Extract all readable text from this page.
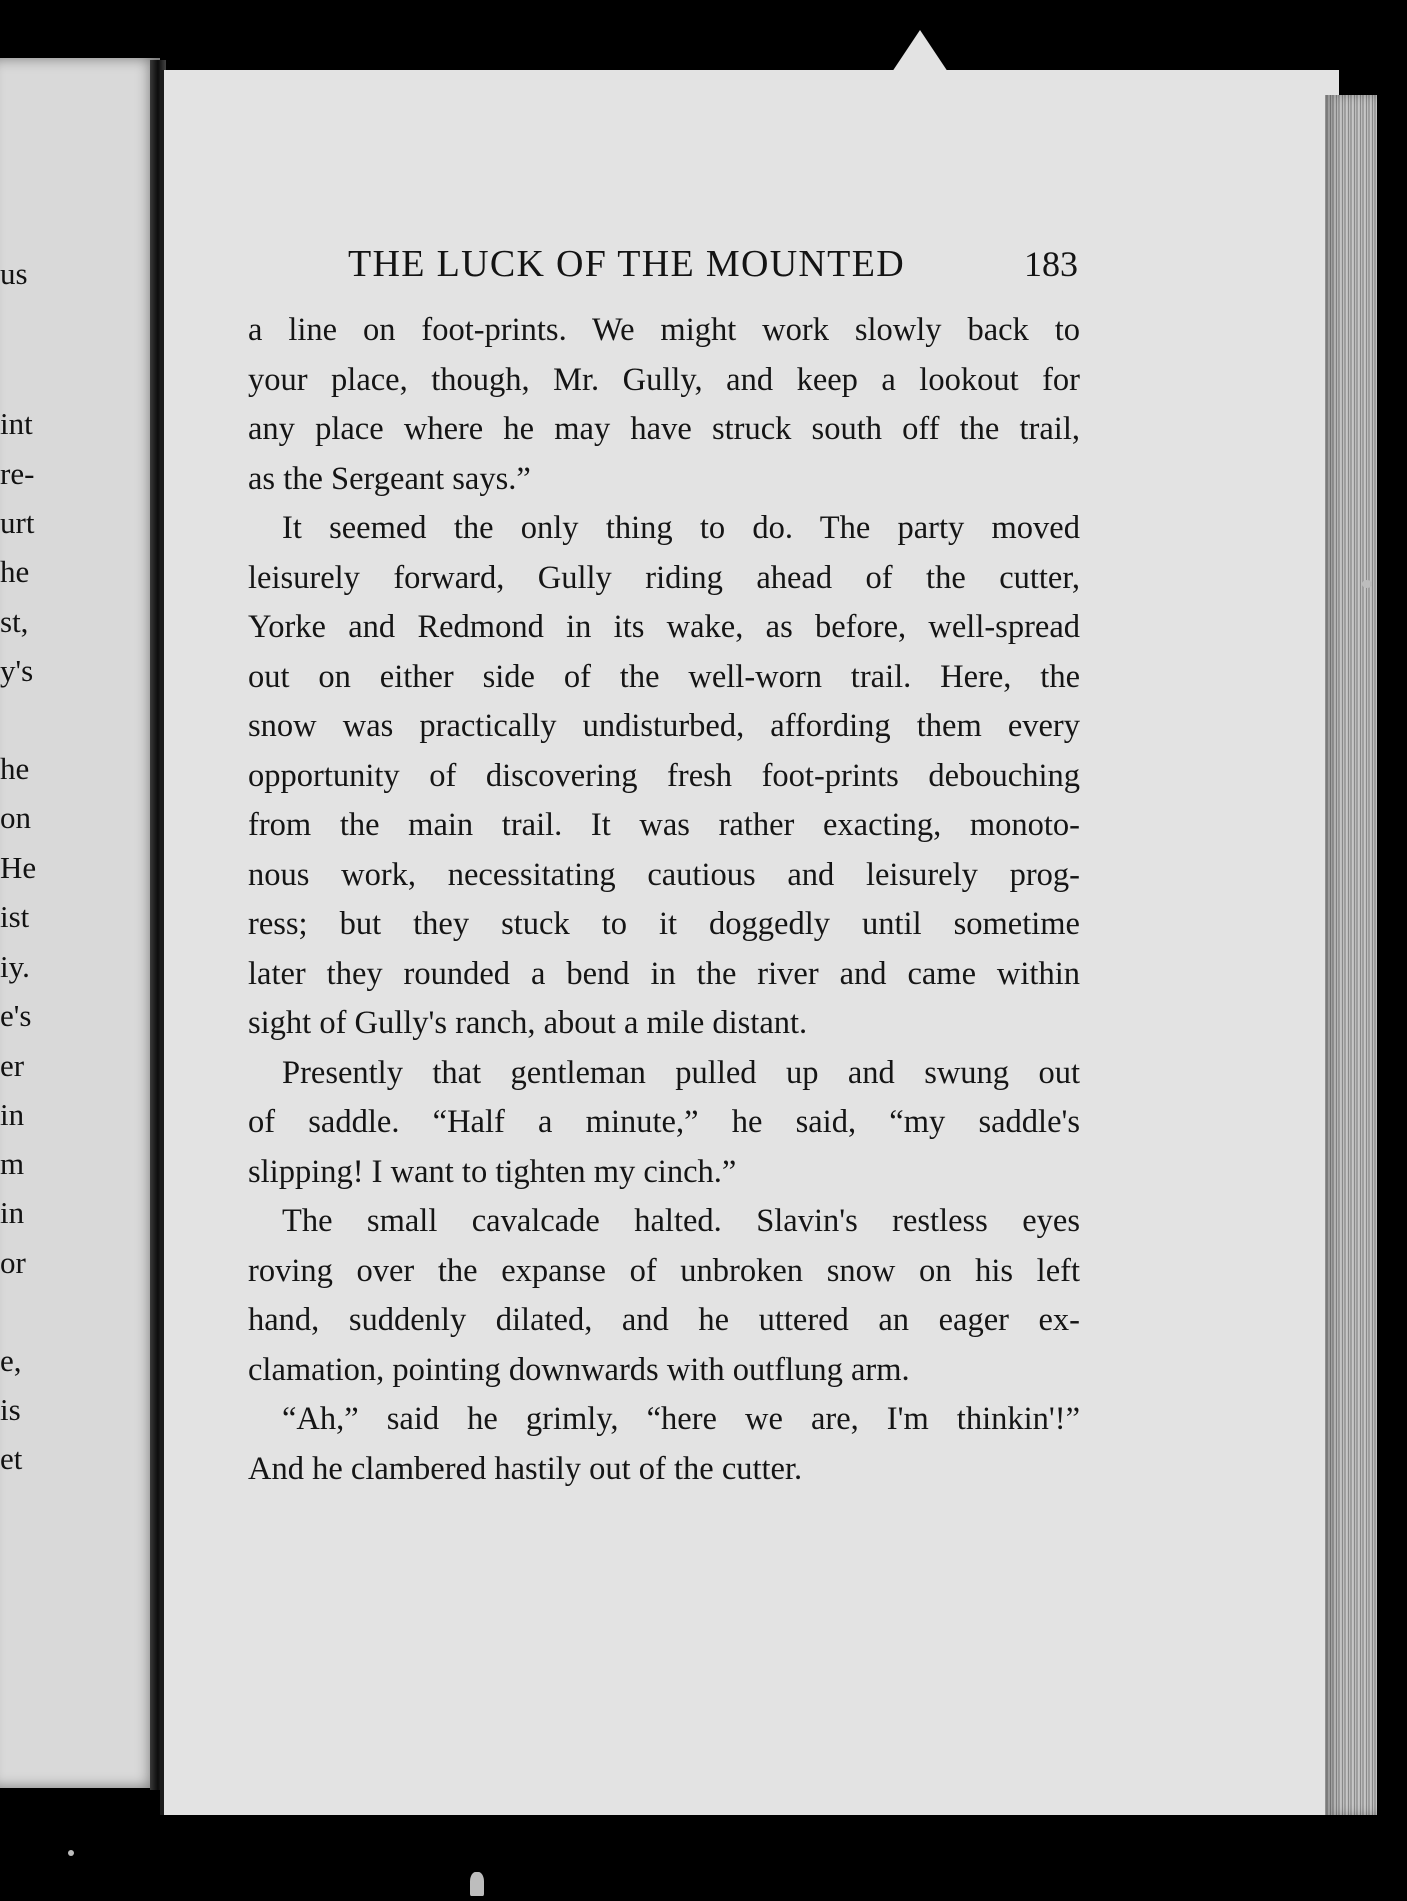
us
int
re-
urt
he
st,
y's
he
on
He
ist
iy.
e's
er
in
m
in
or
e,
is
et
THE LUCK OF THE MOUNTED	183
a line on foot-prints. We might work slowly back to
your place, though, Mr. Gully, and keep a lookout for
any place where he may have struck south off the trail,
as the Sergeant says.”
It seemed the only thing to do. The party moved
leisurely forward, Gully riding ahead of the cutter,
Yorke and Redmond in its wake, as before, well-spread
out on either side of the well-worn trail. Here, the
snow was practically undisturbed, affording them every
opportunity of discovering fresh foot-prints debouching
from the main trail. It was rather exacting, monoto-
nous work, necessitating cautious and leisurely prog-
ress; but they stuck to it doggedly until sometime
later they rounded a bend in the river and came within
sight of Gully's ranch, about a mile distant.
Presently that gentleman pulled up and swung out
of saddle. “Half a minute,” he said, “my saddle's
slipping! I want to tighten my cinch.”
The small cavalcade halted. Slavin's restless eyes
roving over the expanse of unbroken snow on his left
hand, suddenly dilated, and he uttered an eager ex-
clamation, pointing downwards with outflung arm.
“Ah,” said he grimly, “here we are, I'm thinkin'!”
And he clambered hastily out of the cutter.
